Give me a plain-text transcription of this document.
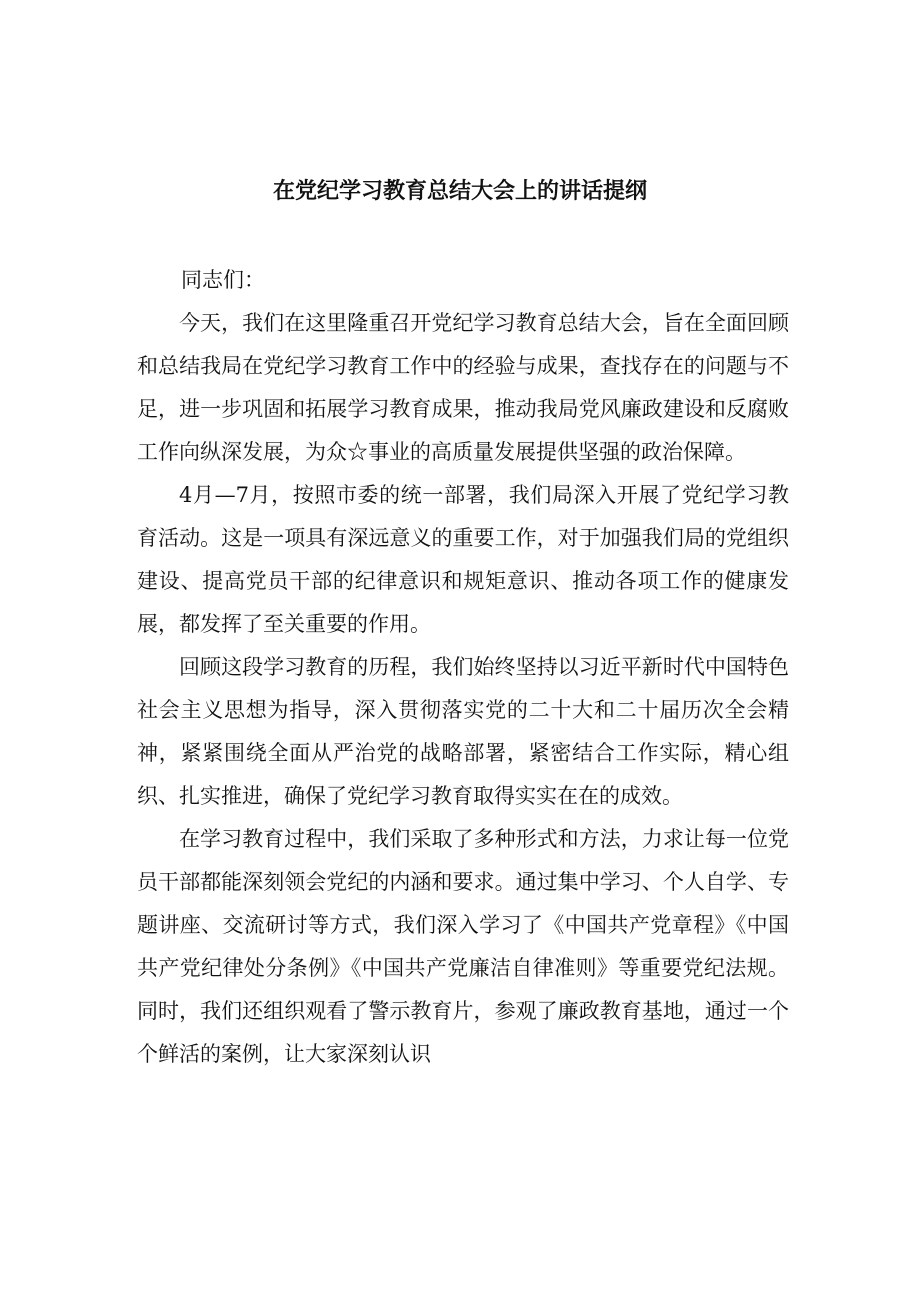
在党纪学习教育总结大会上的讲话提纲

同志们：

今天，我们在这里隆重召开党纪学习教育总结大会，旨在全面回顾和总结我局在党纪学习教育工作中的经验与成果，查找存在的问题与不足，进一步巩固和拓展学习教育成果，推动我局党风廉政建设和反腐败工作向纵深发展，为众☆事业的高质量发展提供坚强的政治保障。

4月—7月，按照市委的统一部署，我们局深入开展了党纪学习教育活动。这是一项具有深远意义的重要工作，对于加强我们局的党组织建设、提高党员干部的纪律意识和规矩意识、推动各项工作的健康发展，都发挥了至关重要的作用。

回顾这段学习教育的历程，我们始终坚持以习近平新时代中国特色社会主义思想为指导，深入贯彻落实党的二十大和二十届历次全会精神，紧紧围绕全面从严治党的战略部署，紧密结合工作实际，精心组织、扎实推进，确保了党纪学习教育取得实实在在的成效。

在学习教育过程中，我们采取了多种形式和方法，力求让每一位党员干部都能深刻领会党纪的内涵和要求。通过集中学习、个人自学、专题讲座、交流研讨等方式，我们深入学习了《中国共产党章程》《中国共产党纪律处分条例》《中国共产党廉洁自律准则》等重要党纪法规。同时，我们还组织观看了警示教育片，参观了廉政教育基地，通过一个个鲜活的案例，让大家深刻认识
